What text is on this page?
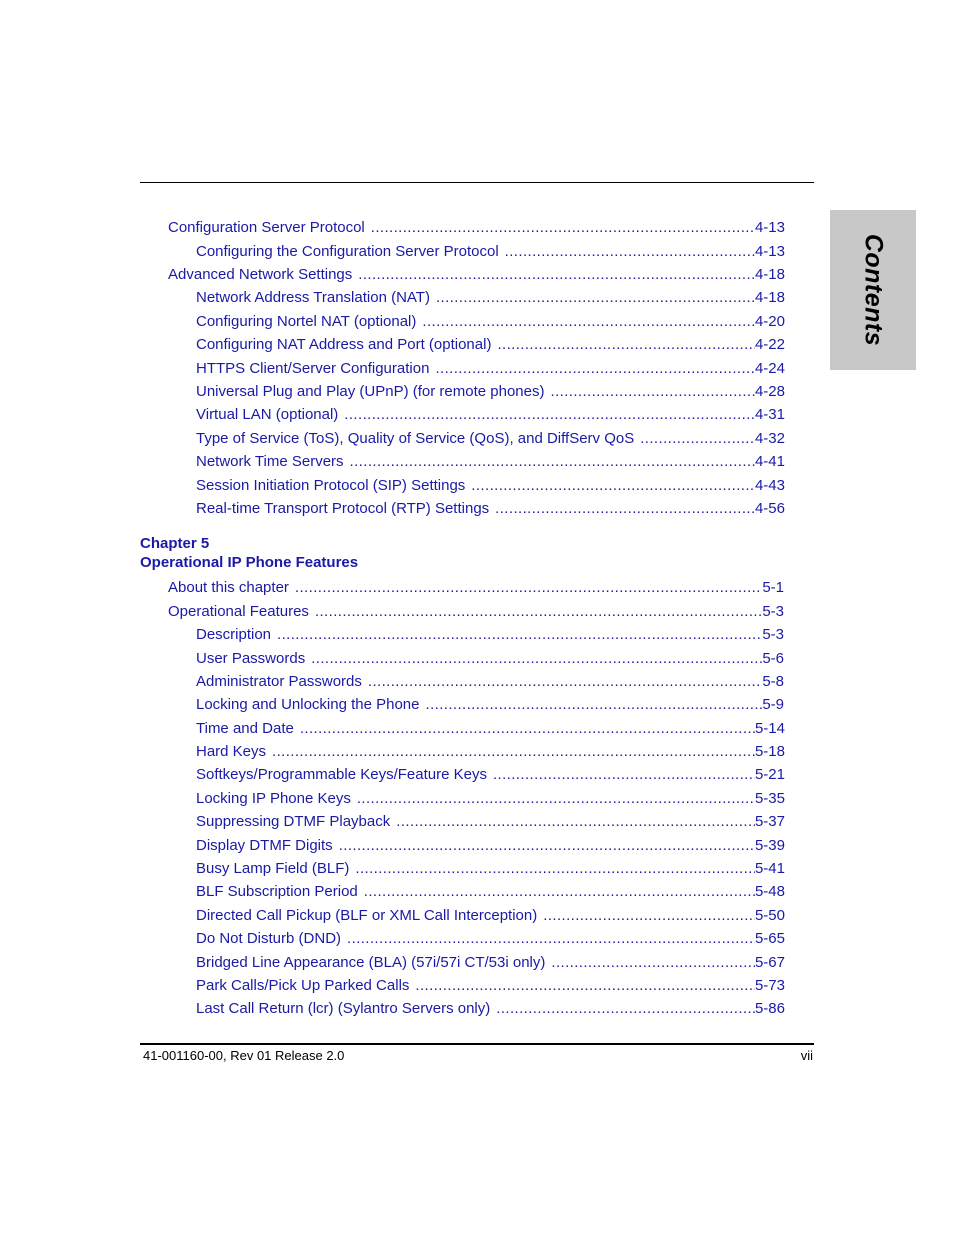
Contents
Configuration Server Protocol .....	4-13
Configuring the Configuration Server Protocol .....	4-13
Advanced Network Settings .....	4-18
Network Address Translation (NAT) .....	4-18
Configuring Nortel NAT (optional) .....	4-20
Configuring NAT Address and Port (optional) .....	4-22
HTTPS Client/Server Configuration .....	4-24
Universal Plug and Play (UPnP) (for remote phones) .....	4-28
Virtual LAN (optional) .....	4-31
Type of Service (ToS), Quality of Service (QoS), and DiffServ QoS .....	4-32
Network Time Servers .....	4-41
Session Initiation Protocol (SIP) Settings .....	4-43
Real-time Transport Protocol (RTP) Settings .....	4-56
Chapter 5
Operational IP Phone Features
About this chapter .....	5-1
Operational Features .....	5-3
Description .....	5-3
User Passwords .....	5-6
Administrator Passwords .....	5-8
Locking and Unlocking the Phone .....	5-9
Time and Date .....	5-14
Hard Keys .....	5-18
Softkeys/Programmable Keys/Feature Keys .....	5-21
Locking IP Phone Keys .....	5-35
Suppressing DTMF Playback .....	5-37
Display DTMF Digits .....	5-39
Busy Lamp Field (BLF) .....	5-41
BLF Subscription Period .....	5-48
Directed Call Pickup (BLF or XML Call Interception) .....	5-50
Do Not Disturb (DND) .....	5-65
Bridged Line Appearance (BLA) (57i/57i CT/53i only) .....	5-67
Park Calls/Pick Up Parked Calls .....	5-73
Last Call Return (lcr) (Sylantro Servers only) .....	5-86
41-001160-00, Rev 01 Release 2.0	vii
